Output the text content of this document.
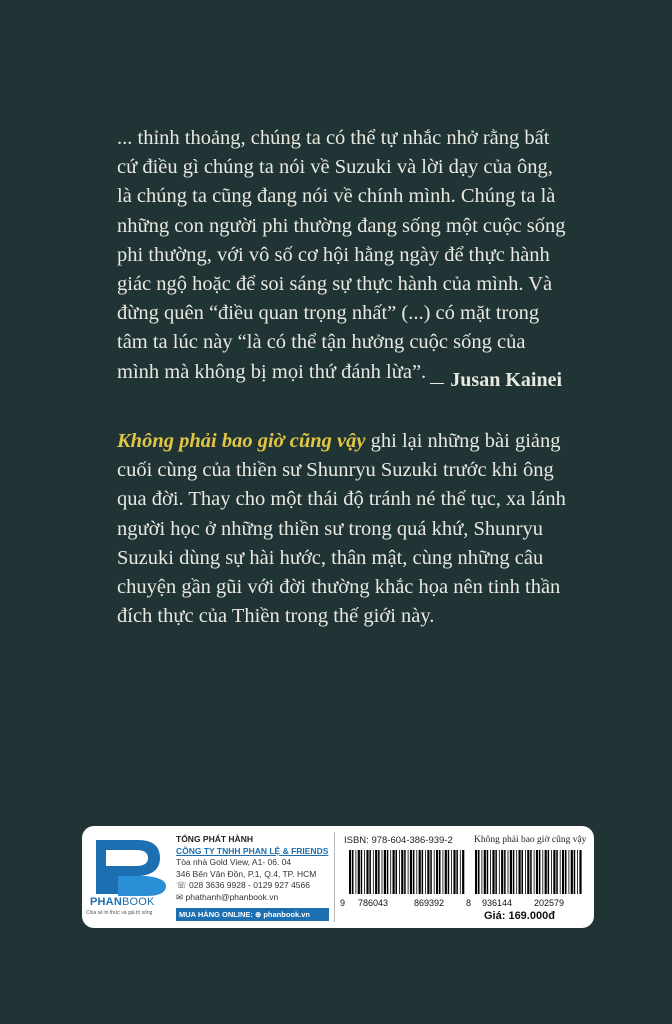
... thỉnh thoảng, chúng ta có thể tự nhắc nhở rằng bất cứ điều gì chúng ta nói về Suzuki và lời dạy của ông, là chúng ta cũng đang nói về chính mình. Chúng ta là những con người phi thường đang sống một cuộc sống phi thường, với vô số cơ hội hằng ngày để thực hành giác ngộ hoặc để soi sáng sự thực hành của mình. Và đừng quên “điều quan trọng nhất” (...) có mặt trong tâm ta lúc này “là có thể tận hưởng cuộc sống của mình mà không bị mọi thứ đánh lừa”.	Jusan Kainei

Không phải bao giờ cũng vậy ghi lại những bài giảng cuối cùng của thiền sư Shunryu Suzuki trước khi ông qua đời. Thay cho một thái độ tránh né thế tục, xa lánh người học ở những thiền sư trong quá khứ, Shunryu Suzuki dùng sự hài hước, thân mật, cùng những câu chuyện gần gũi với đời thường khắc họa nên tinh thần đích thực của Thiền trong thế giới này.

PHANBOOK
Chia sẻ tri thức và giá trị sống
TỔNG PHÁT HÀNH
CÔNG TY TNHH PHAN LỆ & FRIENDS
Tòa nhà Gold View, A1- 06. 04
346 Bến Vân Đồn, P.1, Q.4, TP. HCM
☏ 028 3636 9928 - 0129 927 4566
✉ phathanh@phanbook.vn
MUA HÀNG ONLINE: ⊕ phanbook.vn
ISBN: 978-604-386-939-2 Không phải bao giờ cũng vậy
9 786043	869392 8 936144 202579
Giá: 169.000đ
